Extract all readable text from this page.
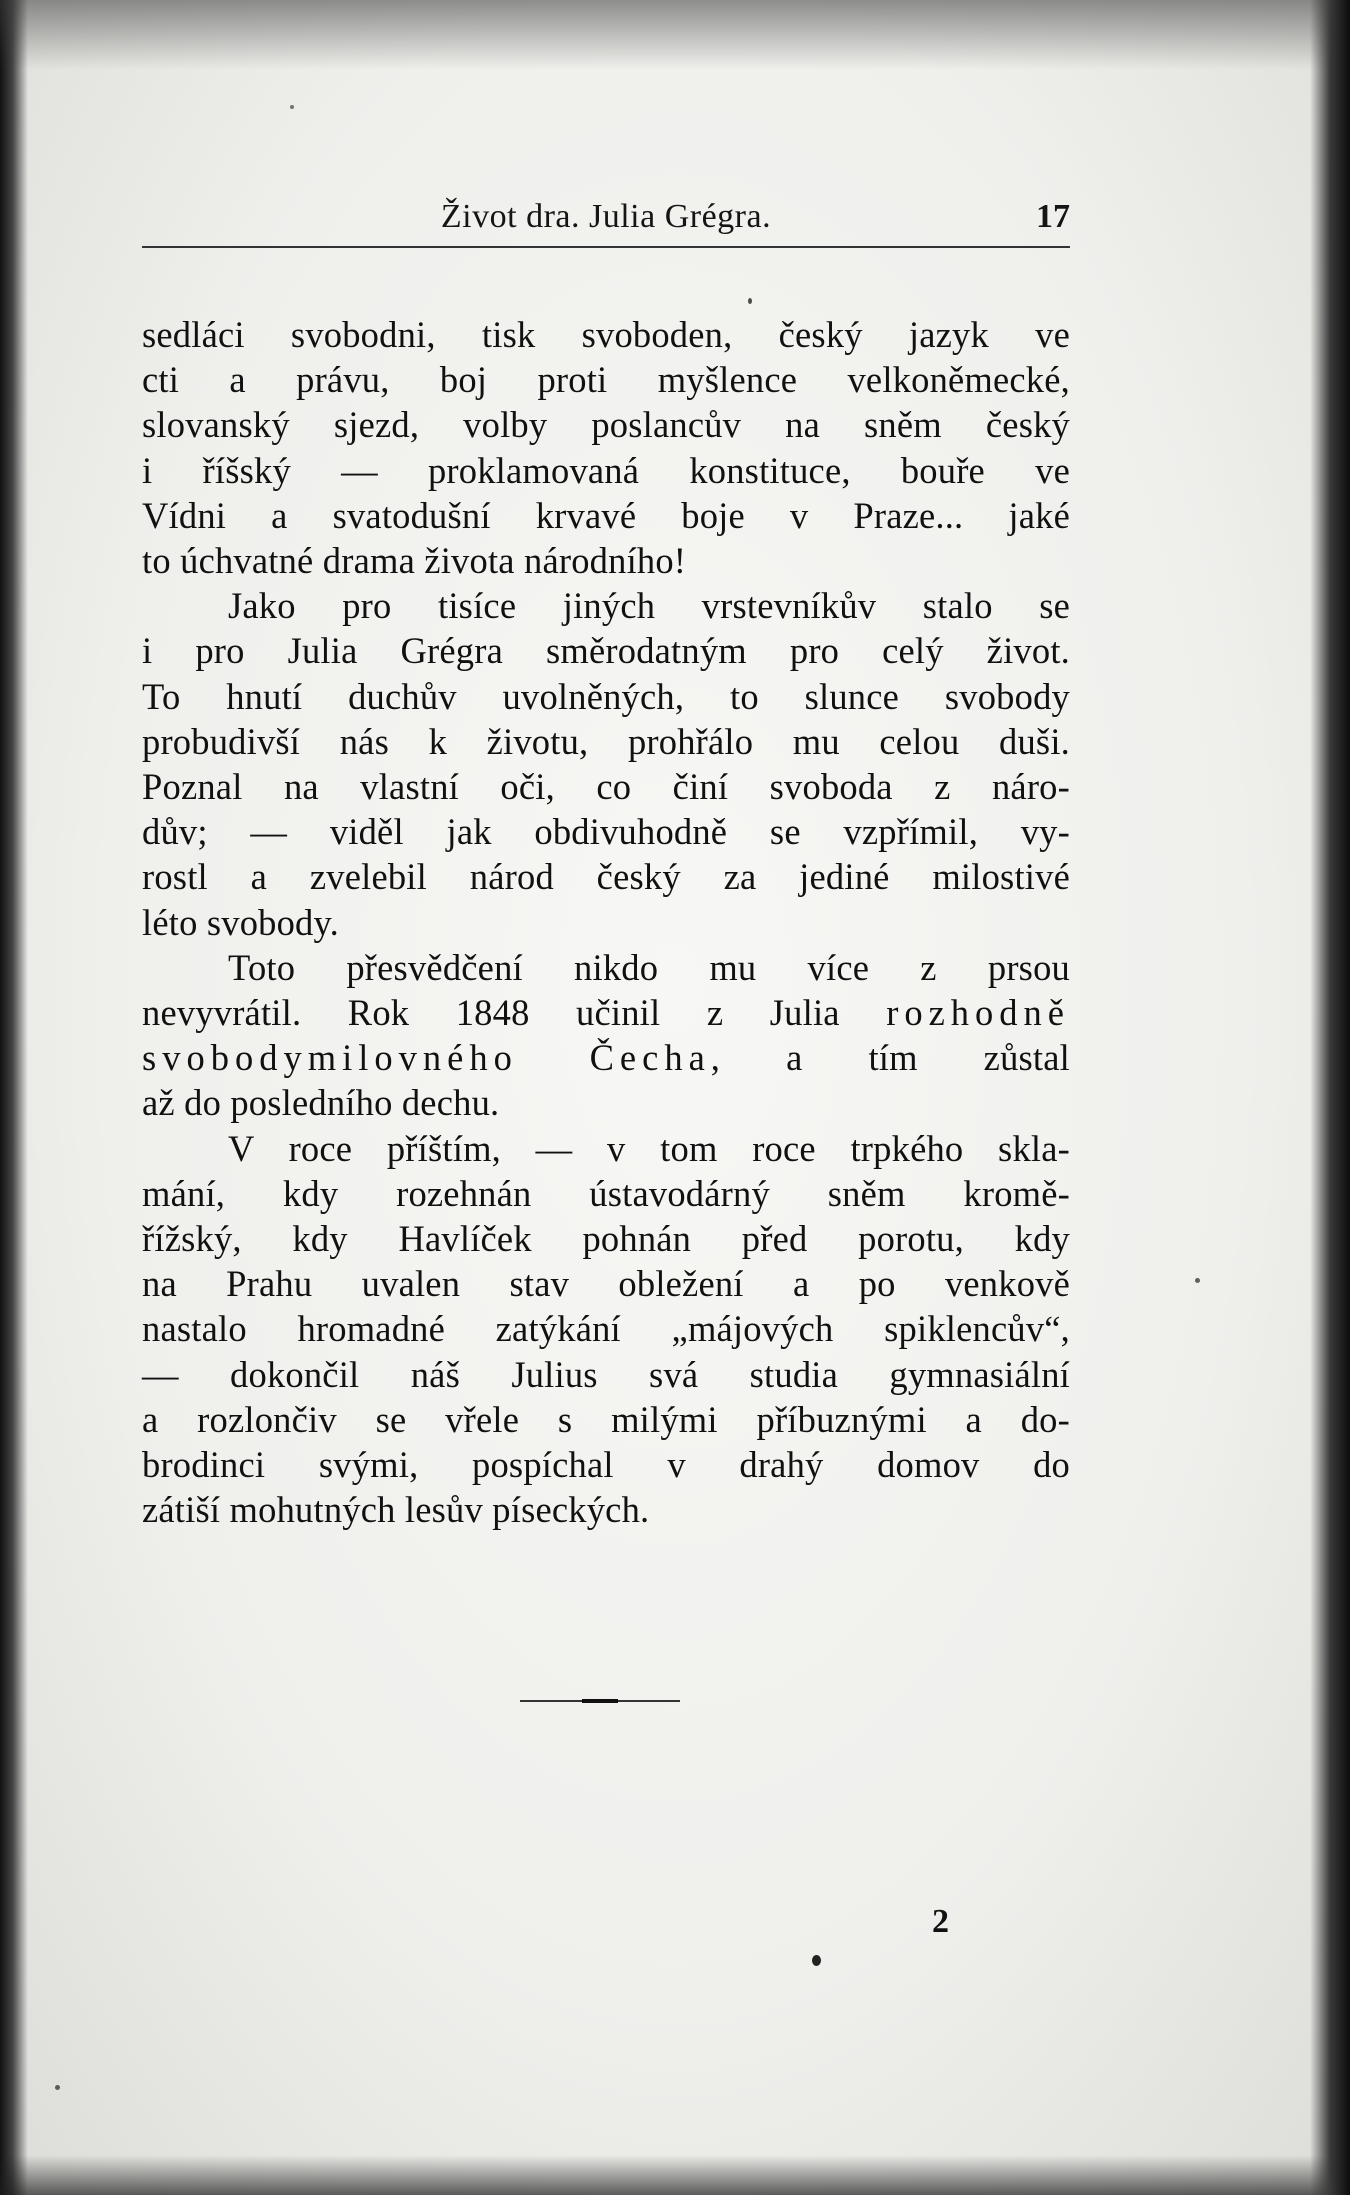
Život dra. Julia Grégra.	17

sedláci svobodni, tisk svoboden, český jazyk ve
cti a právu, boj proti myšlence velkoněmecké,
slovanský sjezd, volby poslancův na sněm český
i říšský — proklamovaná konstituce, bouře ve
Vídni a svatodušní krvavé boje v Praze... jaké
to úchvatné drama života národního!

Jako pro tisíce jiných vrstevníkův stalo se
i pro Julia Grégra směrodatným pro celý život.
To hnutí duchův uvolněných, to slunce svobody
probudivší nás k životu, prohřálo mu celou duši.
Poznal na vlastní oči, co činí svoboda z náro-
dův; — viděl jak obdivuhodně se vzpřímil, vy-
rostl a zvelebil národ český za jediné milostivé
léto svobody.

Toto přesvědčení nikdo mu více z prsou
nevyvrátil. Rok 1848 učinil z Julia rozhodně
svobodymilovného Čecha, a tím zůstal
až do posledního dechu.

V roce příštím, — v tom roce trpkého skla-
mání, kdy rozehnán ústavodárný sněm kromě-
řížský, kdy Havlíček pohnán před porotu, kdy
na Prahu uvalen stav obležení a po venkově
nastalo hromadné zatýkání „májových spiklencův“,
— dokončil náš Julius svá studia gymnasiální
a rozlončiv se vřele s milými příbuznými a do-
brodinci svými, pospíchal v drahý domov do
zátiší mohutných lesův píseckých.

2
